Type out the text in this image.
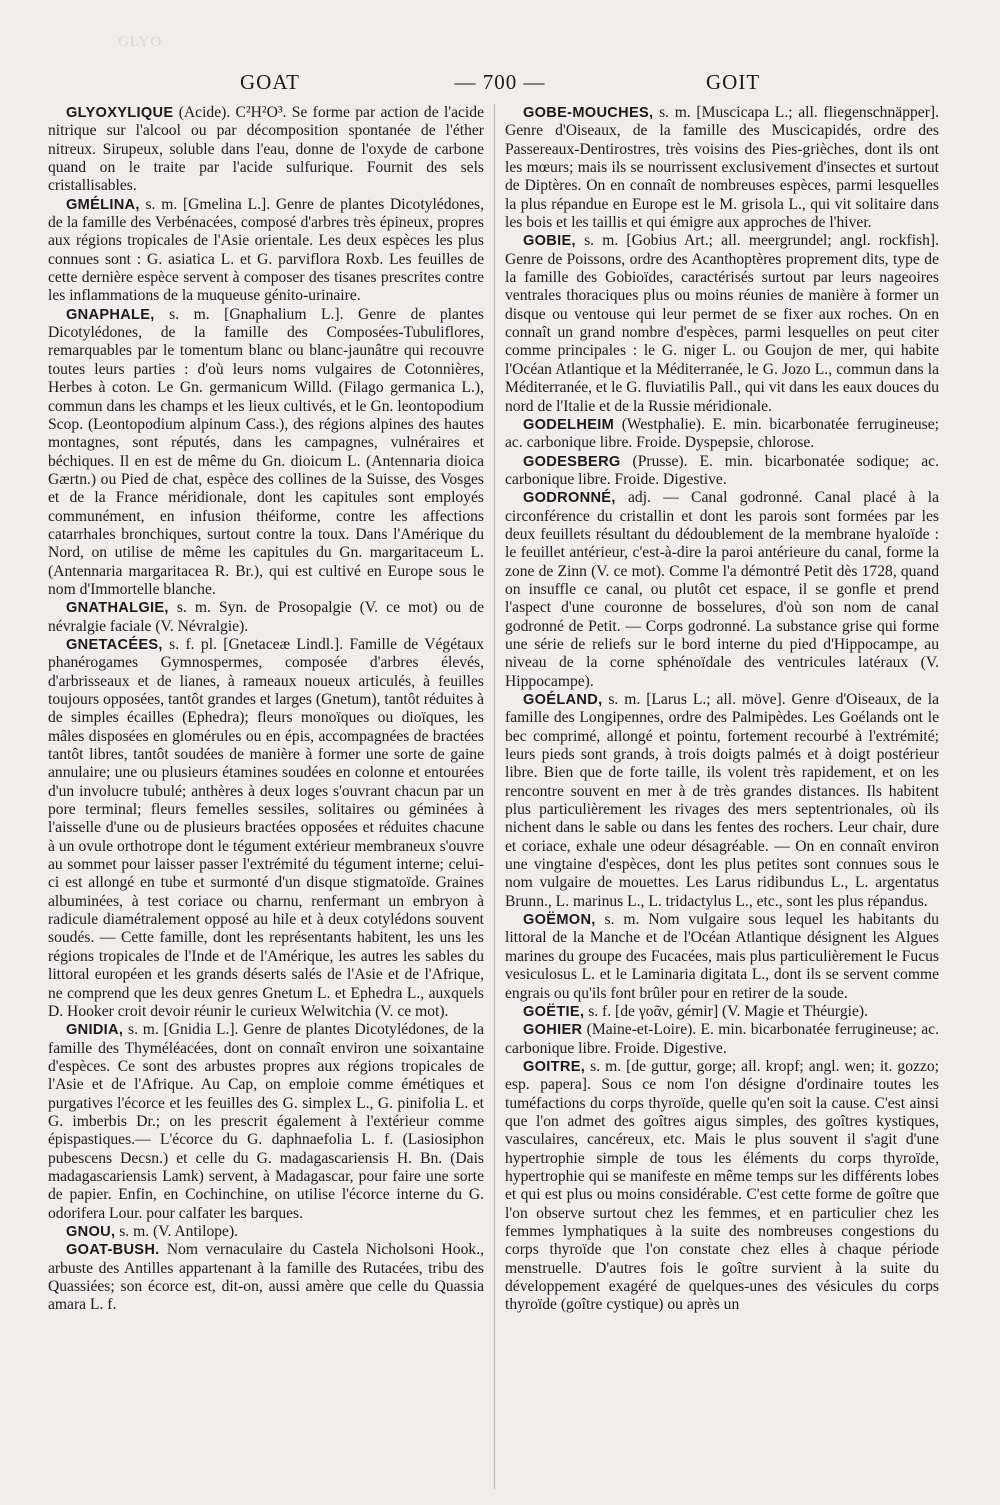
GLYO
GOAT	— 700 —	GOIT

GLYOXYLIQUE (Acide). C²H²O³. Se forme par action de l'acide nitrique sur l'alcool ou par décomposition spontanée de l'éther nitreux. Sirupeux, soluble dans l'eau, donne de l'oxyde de carbone quand on le traite par l'acide sulfurique. Fournit des sels cristallisables.

GMÉLINA, s. m. [Gmelina L.]. Genre de plantes Dicotylédones, de la famille des Verbénacées, composé d'arbres très épineux, propres aux régions tropicales de l'Asie orientale. Les deux espèces les plus connues sont : G. asiatica L. et G. parviflora Roxb. Les feuilles de cette dernière espèce servent à composer des tisanes prescrites contre les inflammations de la muqueuse génito-urinaire.

GNAPHALE, s. m. [Gnaphalium L.]. Genre de plantes Dicotylédones, de la famille des Composées-Tubuliflores, remarquables par le tomentum blanc ou blanc-jaunâtre qui recouvre toutes leurs parties : d'où leurs noms vulgaires de Cotonnières, Herbes à coton. Le Gn. germanicum Willd. (Filago germanica L.), commun dans les champs et les lieux cultivés, et le Gn. leontopodium Scop. (Leontopodium alpinum Cass.), des régions alpines des hautes montagnes, sont réputés, dans les campagnes, vulnéraires et béchiques. Il en est de même du Gn. dioicum L. (Antennaria dioica Gærtn.) ou Pied de chat, espèce des collines de la Suisse, des Vosges et de la France méridionale, dont les capitules sont employés communément, en infusion théiforme, contre les affections catarrhales bronchiques, surtout contre la toux. Dans l'Amérique du Nord, on utilise de même les capitules du Gn. margaritaceum L. (Antennaria margaritacea R. Br.), qui est cultivé en Europe sous le nom d'Immortelle blanche.

GNATHALGIE, s. m. Syn. de Prosopalgie (V. ce mot) ou de névralgie faciale (V. Névralgie).

GNETACÉES, s. f. pl. [Gnetaceæ Lindl.]. Famille de Végétaux phanérogames Gymnospermes, composée d'arbres élevés, d'arbrisseaux et de lianes, à rameaux noueux articulés, à feuilles toujours opposées, tantôt grandes et larges (Gnetum), tantôt réduites à de simples écailles (Ephedra); fleurs monoïques ou dioïques, les mâles disposées en glomérules ou en épis, accompagnées de bractées tantôt libres, tantôt soudées de manière à former une sorte de gaine annulaire; une ou plusieurs étamines soudées en colonne et entourées d'un involucre tubulé; anthères à deux loges s'ouvrant chacun par un pore terminal; fleurs femelles sessiles, solitaires ou géminées à l'aisselle d'une ou de plusieurs bractées opposées et réduites chacune à un ovule orthotrope dont le tégument extérieur membraneux s'ouvre au sommet pour laisser passer l'extrémité du tégument interne; celui-ci est allongé en tube et surmonté d'un disque stigmatoïde. Graines albuminées, à test coriace ou charnu, renfermant un embryon à radicule diamétralement opposé au hile et à deux cotylédons souvent soudés. — Cette famille, dont les représentants habitent, les uns les régions tropicales de l'Inde et de l'Amérique, les autres les sables du littoral européen et les grands déserts salés de l'Asie et de l'Afrique, ne comprend que les deux genres Gnetum L. et Ephedra L., auxquels D. Hooker croit devoir réunir le curieux Welwitchia (V. ce mot).

GNIDIA, s. m. [Gnidia L.]. Genre de plantes Dicotylédones, de la famille des Thyméléacées, dont on connaît environ une soixantaine d'espèces. Ce sont des arbustes propres aux régions tropicales de l'Asie et de l'Afrique. Au Cap, on emploie comme émétiques et purgatives l'écorce et les feuilles des G. simplex L., G. pinifolia L. et G. imberbis Dr.; on les prescrit également à l'extérieur comme épispastiques.— L'écorce du G. daphnaefolia L. f. (Lasiosiphon pubescens Decsn.) et celle du G. madagascariensis H. Bn. (Dais madagascariensis Lamk) servent, à Madagascar, pour faire une sorte de papier. Enfin, en Cochinchine, on utilise l'écorce interne du G. odorifera Lour. pour calfater les barques.

GNOU, s. m. (V. Antilope).

GOAT-BUSH. Nom vernaculaire du Castela Nicholsoni Hook., arbuste des Antilles appartenant à la famille des Rutacées, tribu des Quassiées; son écorce est, dit-on, aussi amère que celle du Quassia amara L. f.

GOBE-MOUCHES, s. m. [Muscicapa L.; all. fliegenschnäpper]. Genre d'Oiseaux, de la famille des Muscicapidés, ordre des Passereaux-Dentirostres, très voisins des Pies-grièches, dont ils ont les mœurs; mais ils se nourrissent exclusivement d'insectes et surtout de Diptères. On en connaît de nombreuses espèces, parmi lesquelles la plus répandue en Europe est le M. grisola L., qui vit solitaire dans les bois et les taillis et qui émigre aux approches de l'hiver.

GOBIE, s. m. [Gobius Art.; all. meergrundel; angl. rockfish]. Genre de Poissons, ordre des Acanthoptères proprement dits, type de la famille des Gobioïdes, caractérisés surtout par leurs nageoires ventrales thoraciques plus ou moins réunies de manière à former un disque ou ventouse qui leur permet de se fixer aux roches. On en connaît un grand nombre d'espèces, parmi lesquelles on peut citer comme principales : le G. niger L. ou Goujon de mer, qui habite l'Océan Atlantique et la Méditerranée, le G. Jozo L., commun dans la Méditerranée, et le G. fluviatilis Pall., qui vit dans les eaux douces du nord de l'Italie et de la Russie méridionale.

GODELHEIM (Westphalie). E. min. bicarbonatée ferrugineuse; ac. carbonique libre. Froide. Dyspepsie, chlorose.

GODESBERG (Prusse). E. min. bicarbonatée sodique; ac. carbonique libre. Froide. Digestive.

GODRONNÉ, adj. — Canal godronné. Canal placé à la circonférence du cristallin et dont les parois sont formées par les deux feuillets résultant du dédoublement de la membrane hyaloïde : le feuillet antérieur, c'est-à-dire la paroi antérieure du canal, forme la zone de Zinn (V. ce mot). Comme l'a démontré Petit dès 1728, quand on insuffle ce canal, ou plutôt cet espace, il se gonfle et prend l'aspect d'une couronne de bosselures, d'où son nom de canal godronné de Petit. — Corps godronné. La substance grise qui forme une série de reliefs sur le bord interne du pied d'Hippocampe, au niveau de la corne sphénoïdale des ventricules latéraux (V. Hippocampe).

GOÉLAND, s. m. [Larus L.; all. möve]. Genre d'Oiseaux, de la famille des Longipennes, ordre des Palmipèdes. Les Goélands ont le bec comprimé, allongé et pointu, fortement recourbé à l'extrémité; leurs pieds sont grands, à trois doigts palmés et à doigt postérieur libre. Bien que de forte taille, ils volent très rapidement, et on les rencontre souvent en mer à de très grandes distances. Ils habitent plus particulièrement les rivages des mers septentrionales, où ils nichent dans le sable ou dans les fentes des rochers. Leur chair, dure et coriace, exhale une odeur désagréable. — On en connaît environ une vingtaine d'espèces, dont les plus petites sont connues sous le nom vulgaire de mouettes. Les Larus ridibundus L., L. argentatus Brunn., L. marinus L., L. tridactylus L., etc., sont les plus répandus.

GOËMON, s. m. Nom vulgaire sous lequel les habitants du littoral de la Manche et de l'Océan Atlantique désignent les Algues marines du groupe des Fucacées, mais plus particulièrement le Fucus vesiculosus L. et le Laminaria digitata L., dont ils se servent comme engrais ou qu'ils font brûler pour en retirer de la soude.

GOËTIE, s. f. [de γοᾶν, gémir] (V. Magie et Théurgie).

GOHIER (Maine-et-Loire). E. min. bicarbonatée ferrugineuse; ac. carbonique libre. Froide. Digestive.

GOITRE, s. m. [de guttur, gorge; all. kropf; angl. wen; it. gozzo; esp. papera]. Sous ce nom l'on désigne d'ordinaire toutes les tuméfactions du corps thyroïde, quelle qu'en soit la cause. C'est ainsi que l'on admet des goîtres aigus simples, des goîtres kystiques, vasculaires, cancéreux, etc. Mais le plus souvent il s'agit d'une hypertrophie simple de tous les éléments du corps thyroïde, hypertrophie qui se manifeste en même temps sur les différents lobes et qui est plus ou moins considérable. C'est cette forme de goître que l'on observe surtout chez les femmes, et en particulier chez les femmes lymphatiques à la suite des nombreuses congestions du corps thyroïde que l'on constate chez elles à chaque période menstruelle. D'autres fois le goître survient à la suite du développement exagéré de quelques-unes des vésicules du corps thyroïde (goître cystique) ou après un
